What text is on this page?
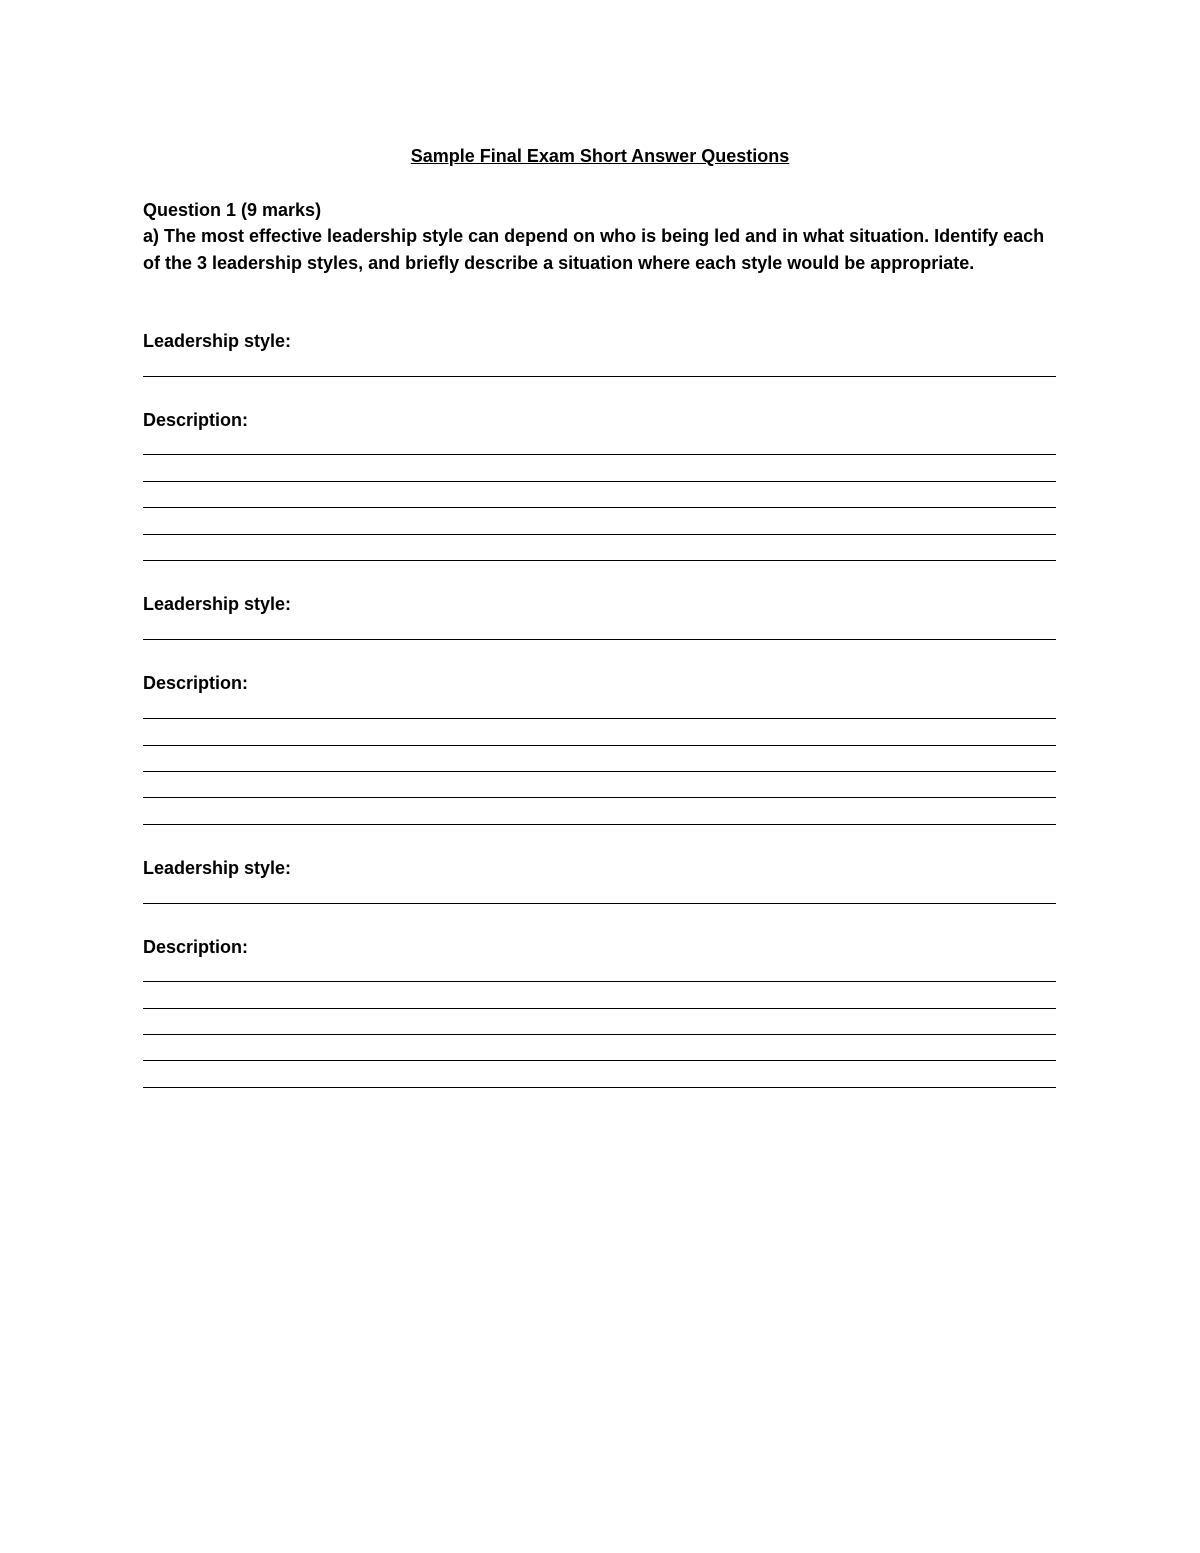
Sample Final Exam Short Answer Questions
Question 1 (9 marks)
a) The most effective leadership style can depend on who is being led and in what situation. Identify each of the 3 leadership styles, and briefly describe a situation where each style would be appropriate.
Leadership style:
Description:
Leadership style:
Description:
Leadership style:
Description:
